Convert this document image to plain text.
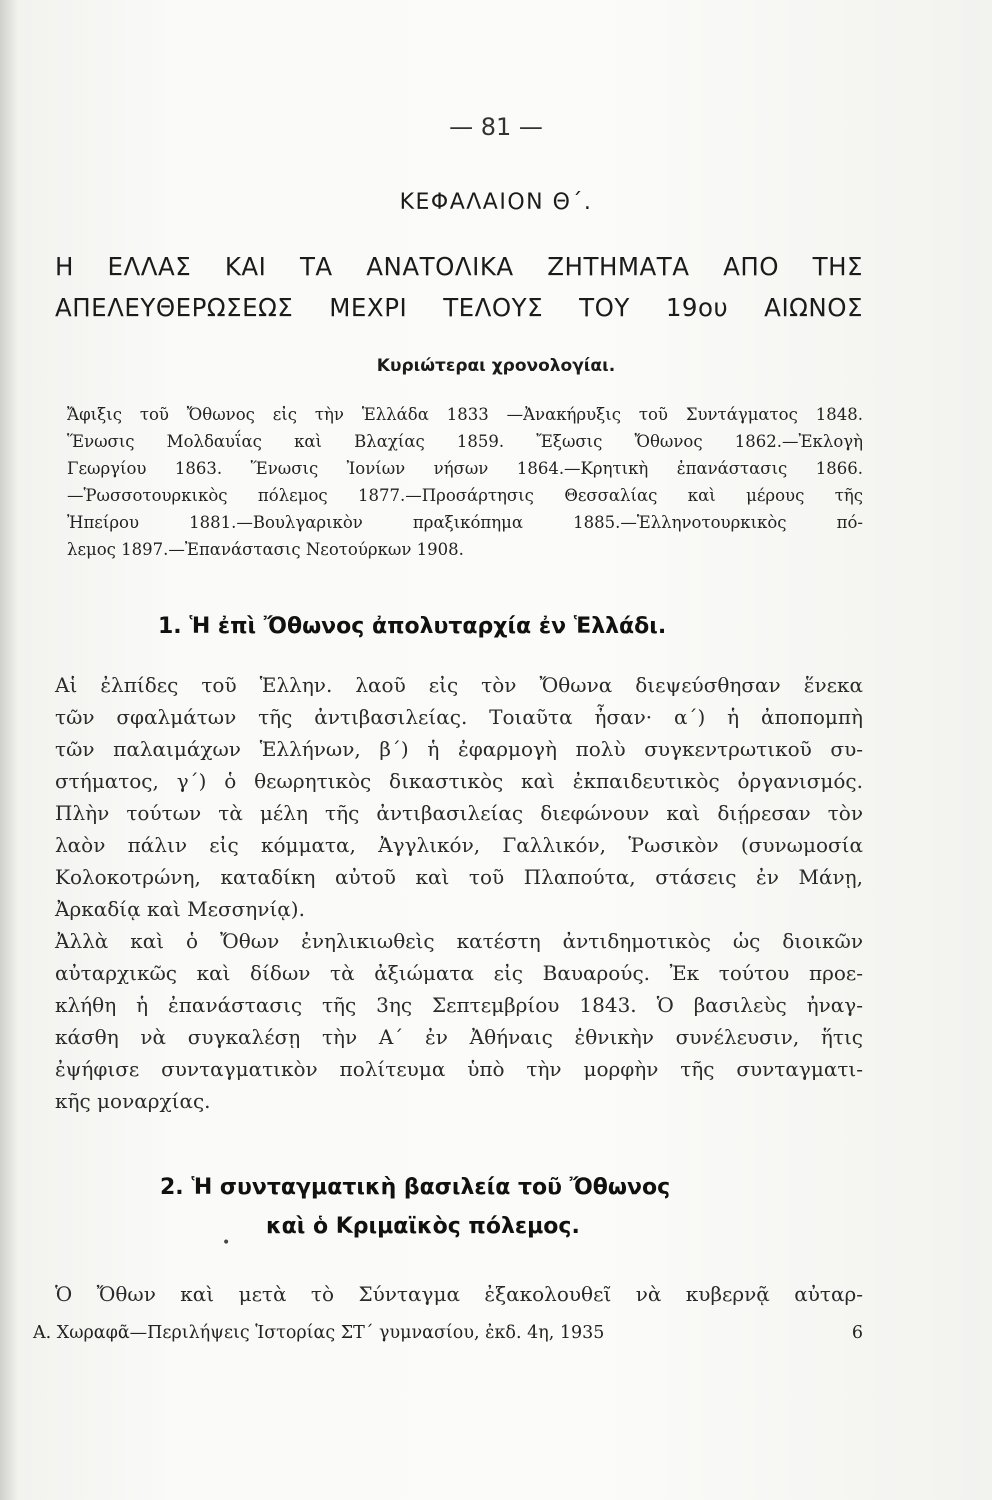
— 81 —
ΚΕΦΑΛΑΙΟΝ Θ΄.
Η ΕΛΛΑΣ ΚΑΙ ΤΑ ΑΝΑΤΟΛΙΚΑ ΖΗΤΗΜΑΤΑ ΑΠΟ ΤΗΣ
ΑΠΕΛΕΥΘΕΡΩΣΕΩΣ ΜΕΧΡΙ ΤΕΛΟΥΣ ΤΟΥ 19ου ΑΙΩΝΟΣ
Κυριώτεραι χρονολογίαι.
Ἄφιξις τοῦ Ὄθωνος εἰς τὴν Ἑλλάδα 1833 —Ἀνακήρυξις τοῦ Συντάγματος 1848.
Ἕνωσις Μολδαυΐας καὶ Βλαχίας 1859. Ἔξωσις Ὄθωνος 1862.—Ἐκλογὴ
Γεωργίου 1863. Ἕνωσις Ἰονίων νήσων 1864.—Κρητικὴ ἐπανάστασις 1866.
—Ῥωσσοτουρκικὸς πόλεμος 1877.—Προσάρτησις Θεσσαλίας καὶ μέρους τῆς
Ἠπείρου 1881.—Βουλγαρικὸν πραξικόπημα 1885.—Ἑλληνοτουρκικὸς πό-
λεμος 1897.—Ἐπανάστασις Νεοτούρκων 1908.
1. Ἡ ἐπὶ Ὄθωνος ἀπολυταρχία ἐν Ἑλλάδι.
Αἱ ἐλπίδες τοῦ Ἑλλην. λαοῦ εἰς τὸν Ὄθωνα διεψεύσθησαν ἕνεκα
τῶν σφαλμάτων τῆς ἀντιβασιλείας. Τοιαῦτα ἦσαν· α΄) ἡ ἀποπομπὴ
τῶν παλαιμάχων Ἑλλήνων, β΄) ἡ ἐφαρμογὴ πολὺ συγκεντρωτικοῦ συ-
στήματος, γ΄) ὁ θεωρητικὸς δικαστικὸς καὶ ἐκπαιδευτικὸς ὀργανισμός.
Πλὴν τούτων τὰ μέλη τῆς ἀντιβασιλείας διεφώνουν καὶ διῄρεσαν τὸν
λαὸν πάλιν εἰς κόμματα, Ἀγγλικόν, Γαλλικόν, Ῥωσικὸν (συνωμοσία
Κολοκοτρώνη, καταδίκη αὐτοῦ καὶ τοῦ Πλαπούτα, στάσεις ἐν Μάνῃ,
Ἀρκαδίᾳ καὶ Μεσσηνίᾳ).
Ἀλλὰ καὶ ὁ Ὄθων ἐνηλικιωθεὶς κατέστη ἀντιδημοτικὸς ὡς διοικῶν
αὐταρχικῶς καὶ δίδων τὰ ἀξιώματα εἰς Βαυαρούς. Ἐκ τούτου προε-
κλήθη ἡ ἐπανάστασις τῆς 3ης Σεπτεμβρίου 1843. Ὁ βασιλεὺς ἠναγ-
κάσθη νὰ συγκαλέσῃ τὴν Α΄ ἐν Ἀθήναις ἐθνικὴν συνέλευσιν, ἥτις
ἐψήφισε συνταγματικὸν πολίτευμα ὑπὸ τὴν μορφὴν τῆς συνταγματι-
κῆς μοναρχίας.
2. Ἡ συνταγματικὴ βασιλεία τοῦ Ὄθωνος
καὶ ὁ Κριμαϊκὸς πόλεμος.
•
Ὁ Ὄθων καὶ μετὰ τὸ Σύνταγμα ἐξακολουθεῖ νὰ κυβερνᾷ αὐταρ-
Α. Χωραφᾶ—Περιλήψεις Ἱστορίας ΣΤ΄ γυμνασίου, ἐκδ. 4η, 1935	6
